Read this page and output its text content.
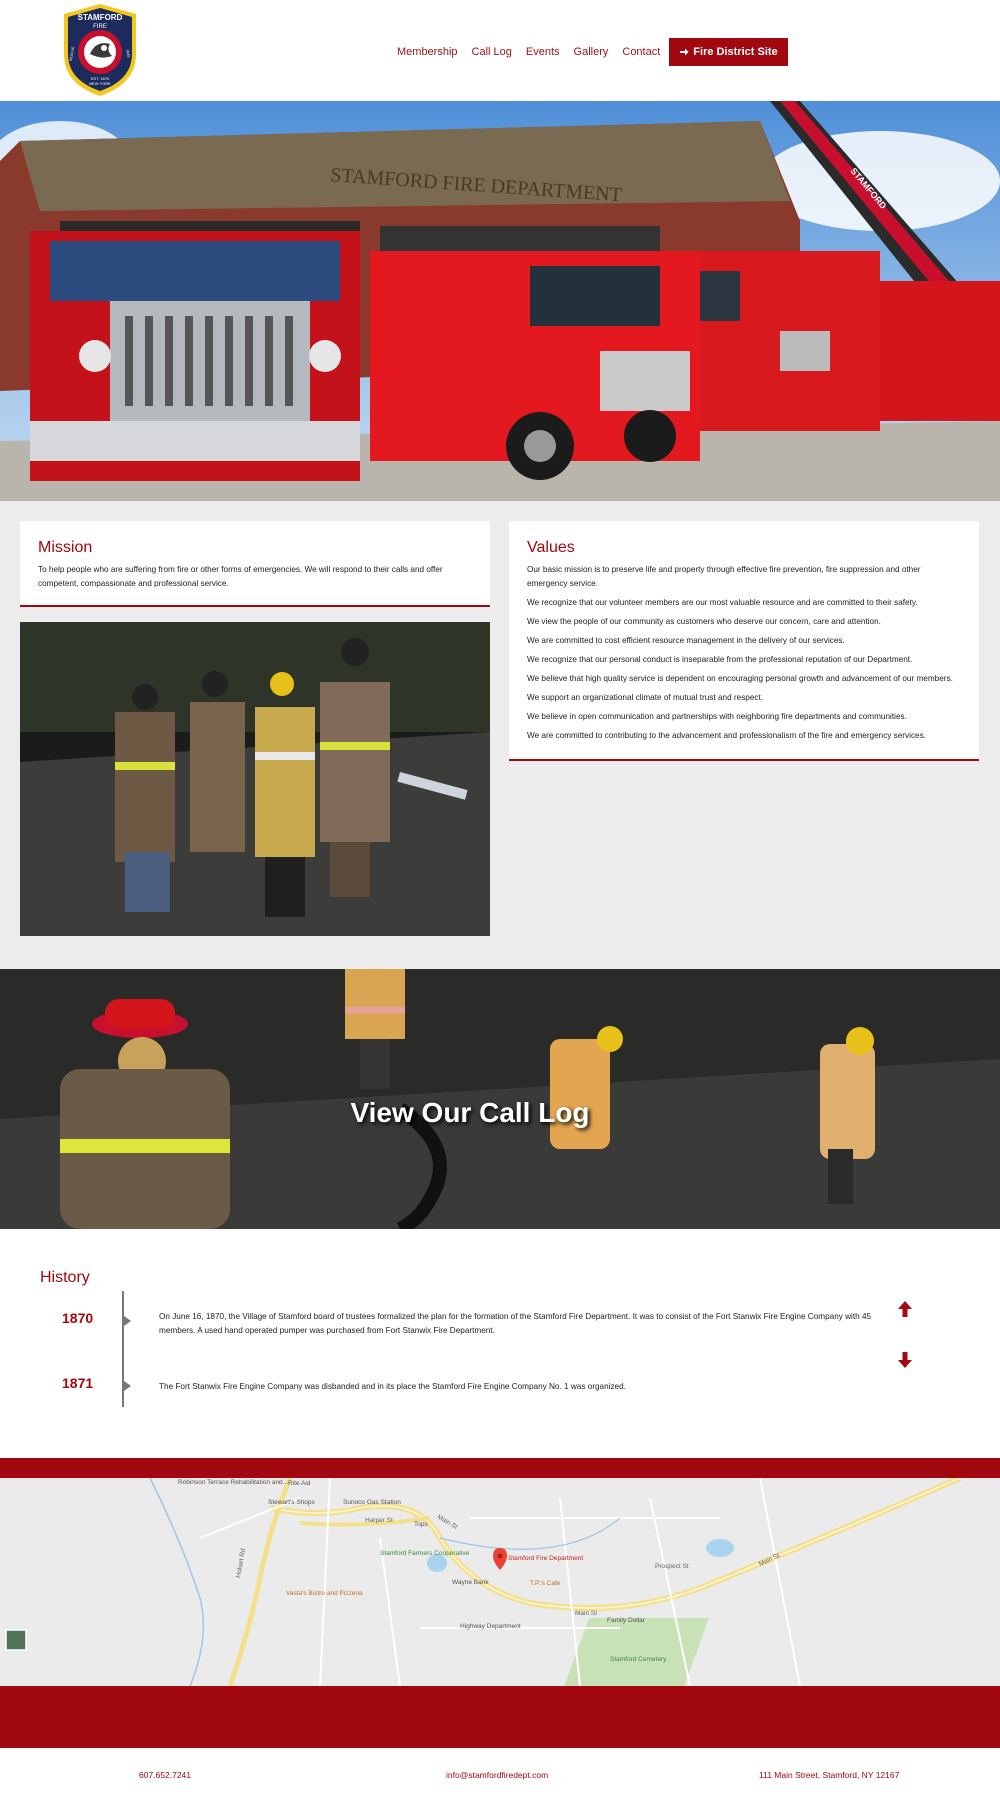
STAMFORD
FIRE
EST. 1870
NEW YORK
RESCUE	EMS	Membership Call Log Events Gallery Contact	Fire District Site
STAMFORD FIRE DEPARTMENT	STAMFORD
Mission

To help people who are suffering from fire or other forms of emergencies. We will respond to their calls and offer competent, compassionate and professional service.

Values

Our basic mission is to preserve life and property through effective fire prevention, fire suppression and other emergency service.

We recognize that our volunteer members are our most valuable resource and are committed to their safety.

We view the people of our community as customers who deserve our concern, care and attention.

We are committed to cost efficient resource management in the delivery of our services.

We recognize that our personal conduct is inseparable from the professional reputation of our Department.

We believe that high quality service is dependent on encouraging personal growth and advancement of our members.

We support an organizational climate of mutual trust and respect.

We believe in open communication and partnerships with neighboring fire departments and communities.

We are committed to contributing to the advancement and professionalism of the fire and emergency services.

View Our Call Log
History
1870	On June 16, 1870, the Village of Stamford board of trustees formalized the plan for the formation of the Stamford Fire Department. It was to consist of the Fort Stanwix Fire Engine Company with 45 members. A used hand operated pumper was purchased from Fort Stanwix Fire Department.
1871	The Fort Stanwix Fire Engine Company was disbanded and in its place the Stamford Fire Engine Company No. 1 was organized.
Robinson Terrace Rehabilitation and... Rite Aid
Stewart's Shops	Sunoco Gas Station
Harper St	Main St
Tops
Stamford Farmers Cooperative
Stamford Fire Department
T.P.'s Cafe
Vasta's Bistro and Pizzeria
Wayne Bank
Highway Department
Family Dollar
Stamford Cemetery
Hobart Rd
Main St
Prospect St	Main St
607.652.7241	info@stamfordfiredept.com	111 Main Street, Stamford, NY 12167
